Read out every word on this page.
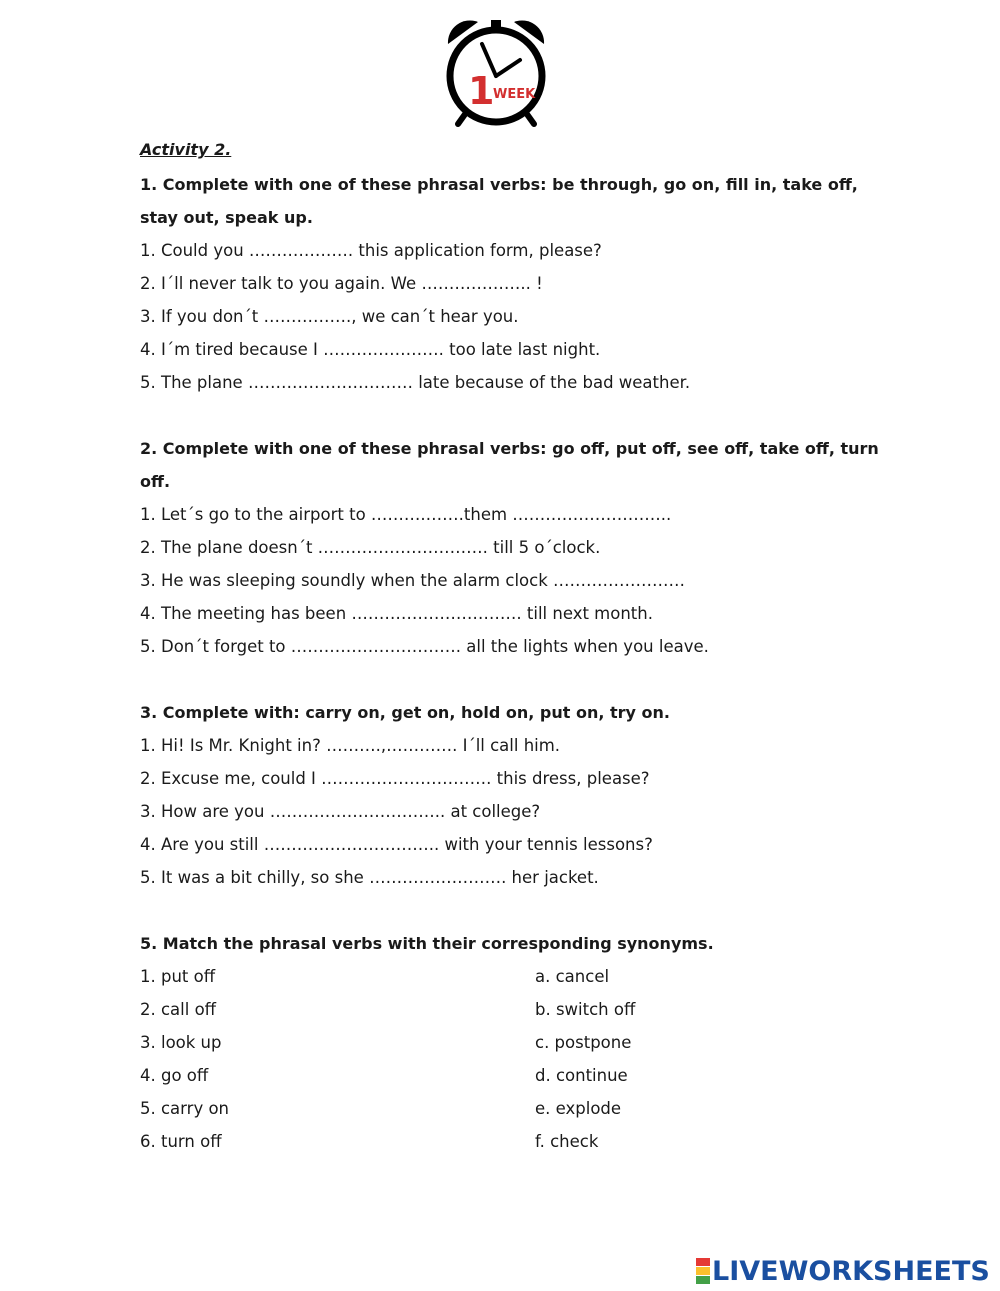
1
WEEK
Activity 2.
1. Complete with one of these phrasal verbs: be through, go on, fill in, take off, stay out, speak up.
1. Could you ………………. this application form, please?
2. I´ll never talk to you again. We ……………….. !
3. If you don´t ……………., we can´t hear you.
4. I´m tired because I …………………. too late last night.
5. The plane ………………………… late because of the bad weather.
2. Complete with one of these phrasal verbs: go off, put off, see off, take off, turn off.
1. Let´s go to the airport to ……….…….them ………………………..
2. The plane doesn´t …………………………. till 5 o´clock.
3. He was sleeping soundly when the alarm clock ……………………
4. The meeting has been …………………………. till next month.
5. Don´t forget to …………………………. all the lights when you leave.
3. Complete with: carry on, get on, hold on, put on, try on.
1. Hi! Is Mr. Knight in? ……….,…………. I´ll call him.
2. Excuse me, could I …………………………. this dress, please?
3. How are you ………………………….. at college?
4. Are you still ………………………….. with your tennis lessons?
5. It was a bit chilly, so she ……………………. her jacket.
5. Match the phrasal verbs with their corresponding synonyms.
1. put off	a. cancel
2. call off	b. switch off
3. look up	c. postpone
4. go off	d. continue
5. carry on	e. explode
6. turn off	f. check
LIVEWORKSHEETS
